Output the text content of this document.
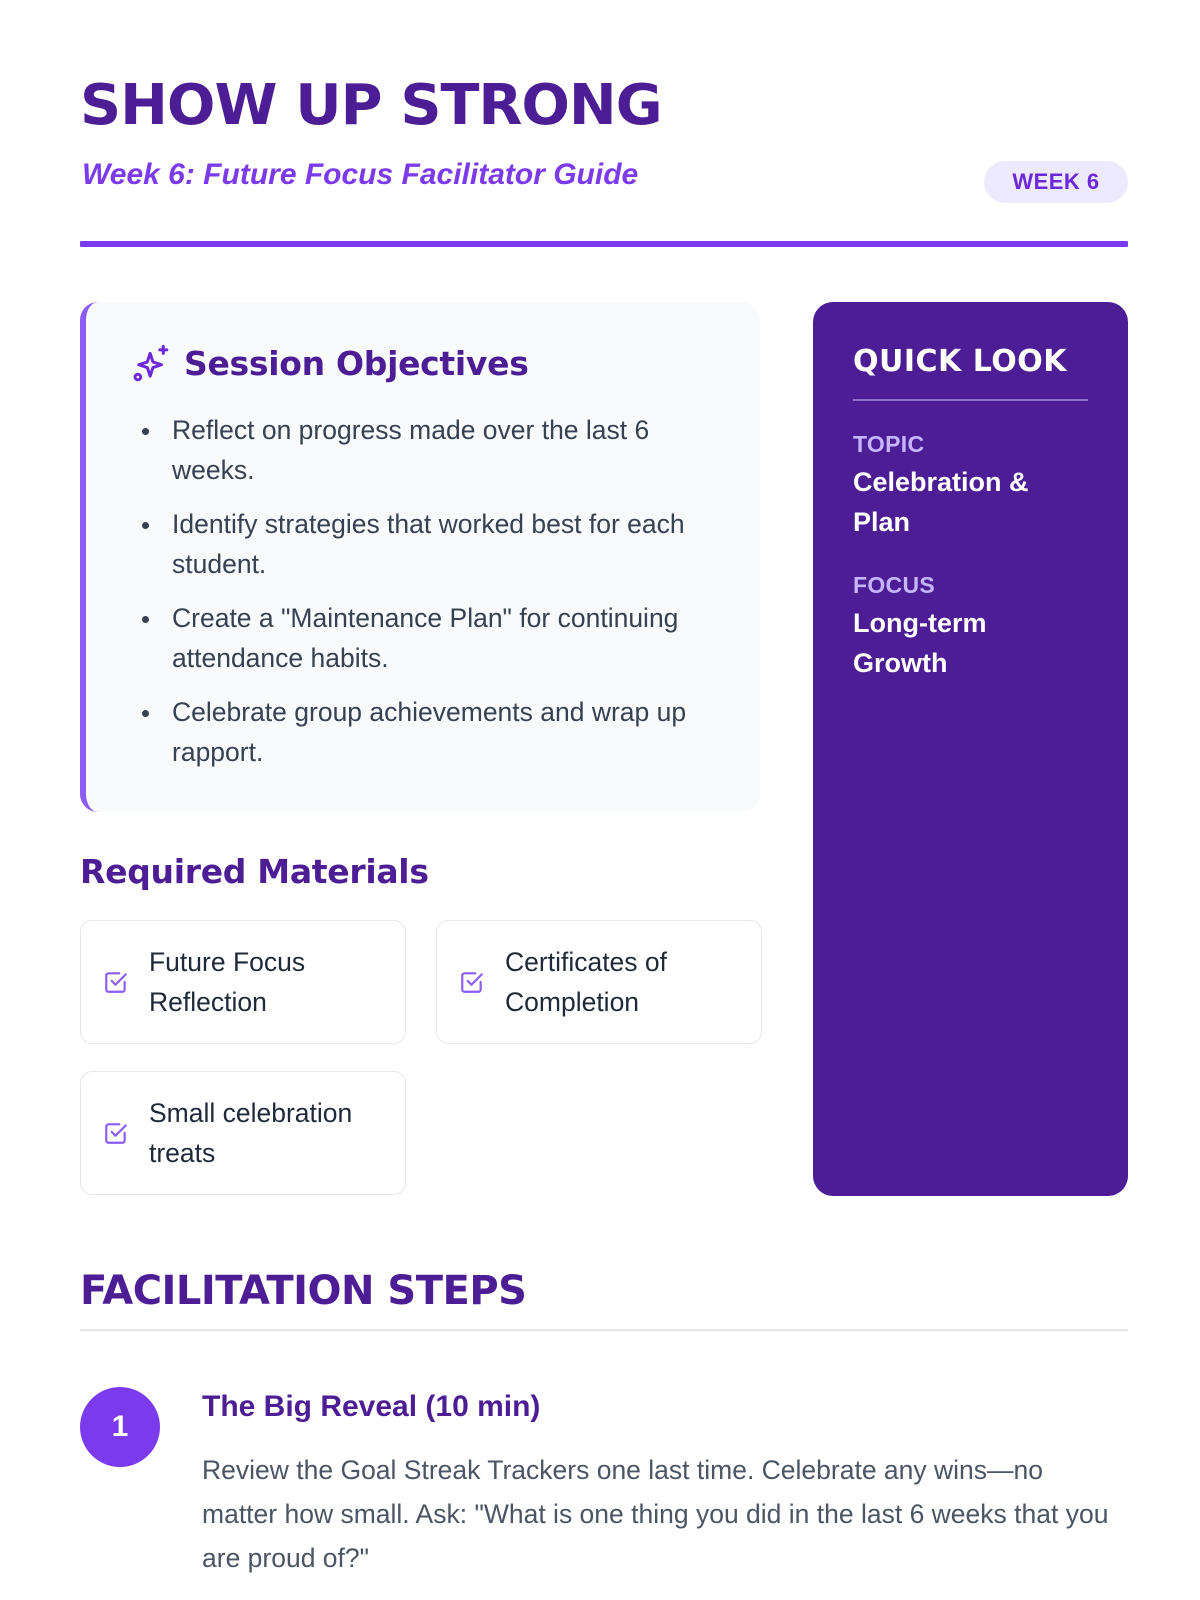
SHOW UP STRONG

Week 6: Future Focus Facilitator Guide	WEEK 6
Session Objectives
Reflect on progress made over the last 6 weeks.
Identify strategies that worked best for each student.
Create a "Maintenance Plan" for continuing attendance habits.
Celebrate group achievements and wrap up rapport.
Required Materials
Future Focus Reflection
Certificates of Completion
Small celebration treats
QUICK LOOK
TOPIC
Celebration & Plan
FOCUS
Long-term Growth
FACILITATION STEPS
1
The Big Reveal (10 min)

Review the Goal Streak Trackers one last time. Celebrate any wins—no matter how small. Ask: "What is one thing you did in the last 6 weeks that you are proud of?"
